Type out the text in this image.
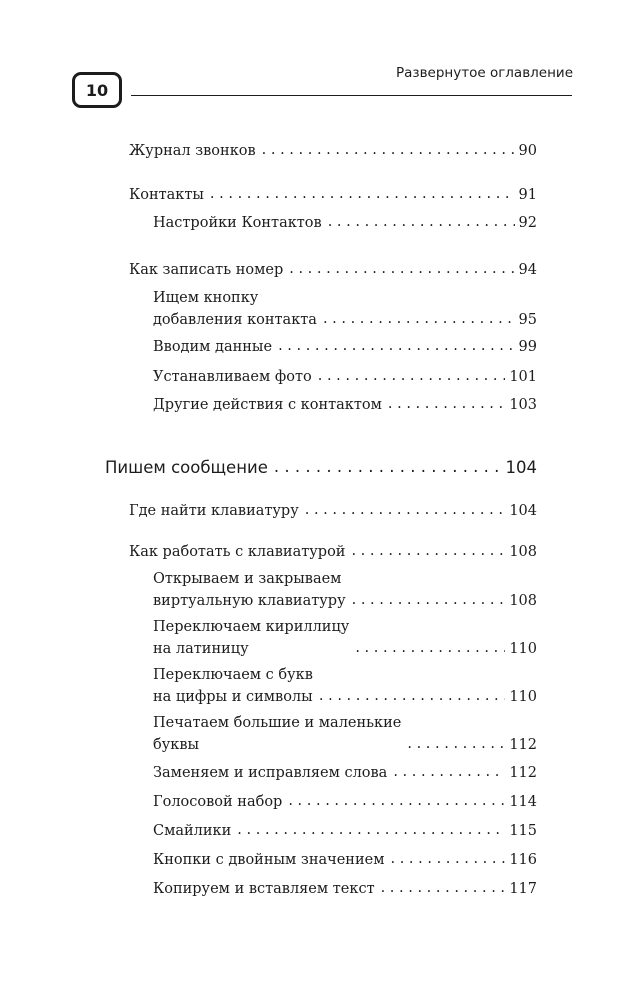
10
Развернутое оглавление
Журнал звонков . . .	90
Контакты . . .	91
Настройки Контактов . . .	92
Как записать номер . . .	94
Ищем кнопку
добавления контакта . . .	95
Вводим данные . . .	99
Устанавливаем фото . . .	101
Другие действия с контактом . . .	103
Пишем сообщение . . .	104
Где найти клавиатуру . . .	104
Как работать с клавиатурой . . .	108
Открываем и закрываем
виртуальную клавиатуру . . .	108
Переключаем кириллицу
на латиницу . . .	110
Переключаем с букв
на цифры и символы . . .	110
Печатаем большие и маленькие
буквы . . .	112
Заменяем и исправляем слова . . .	112
Голосовой набор . . .	114
Смайлики . . .	115
Кнопки с двойным значением . . .	116
Копируем и вставляем текст . . .	117
